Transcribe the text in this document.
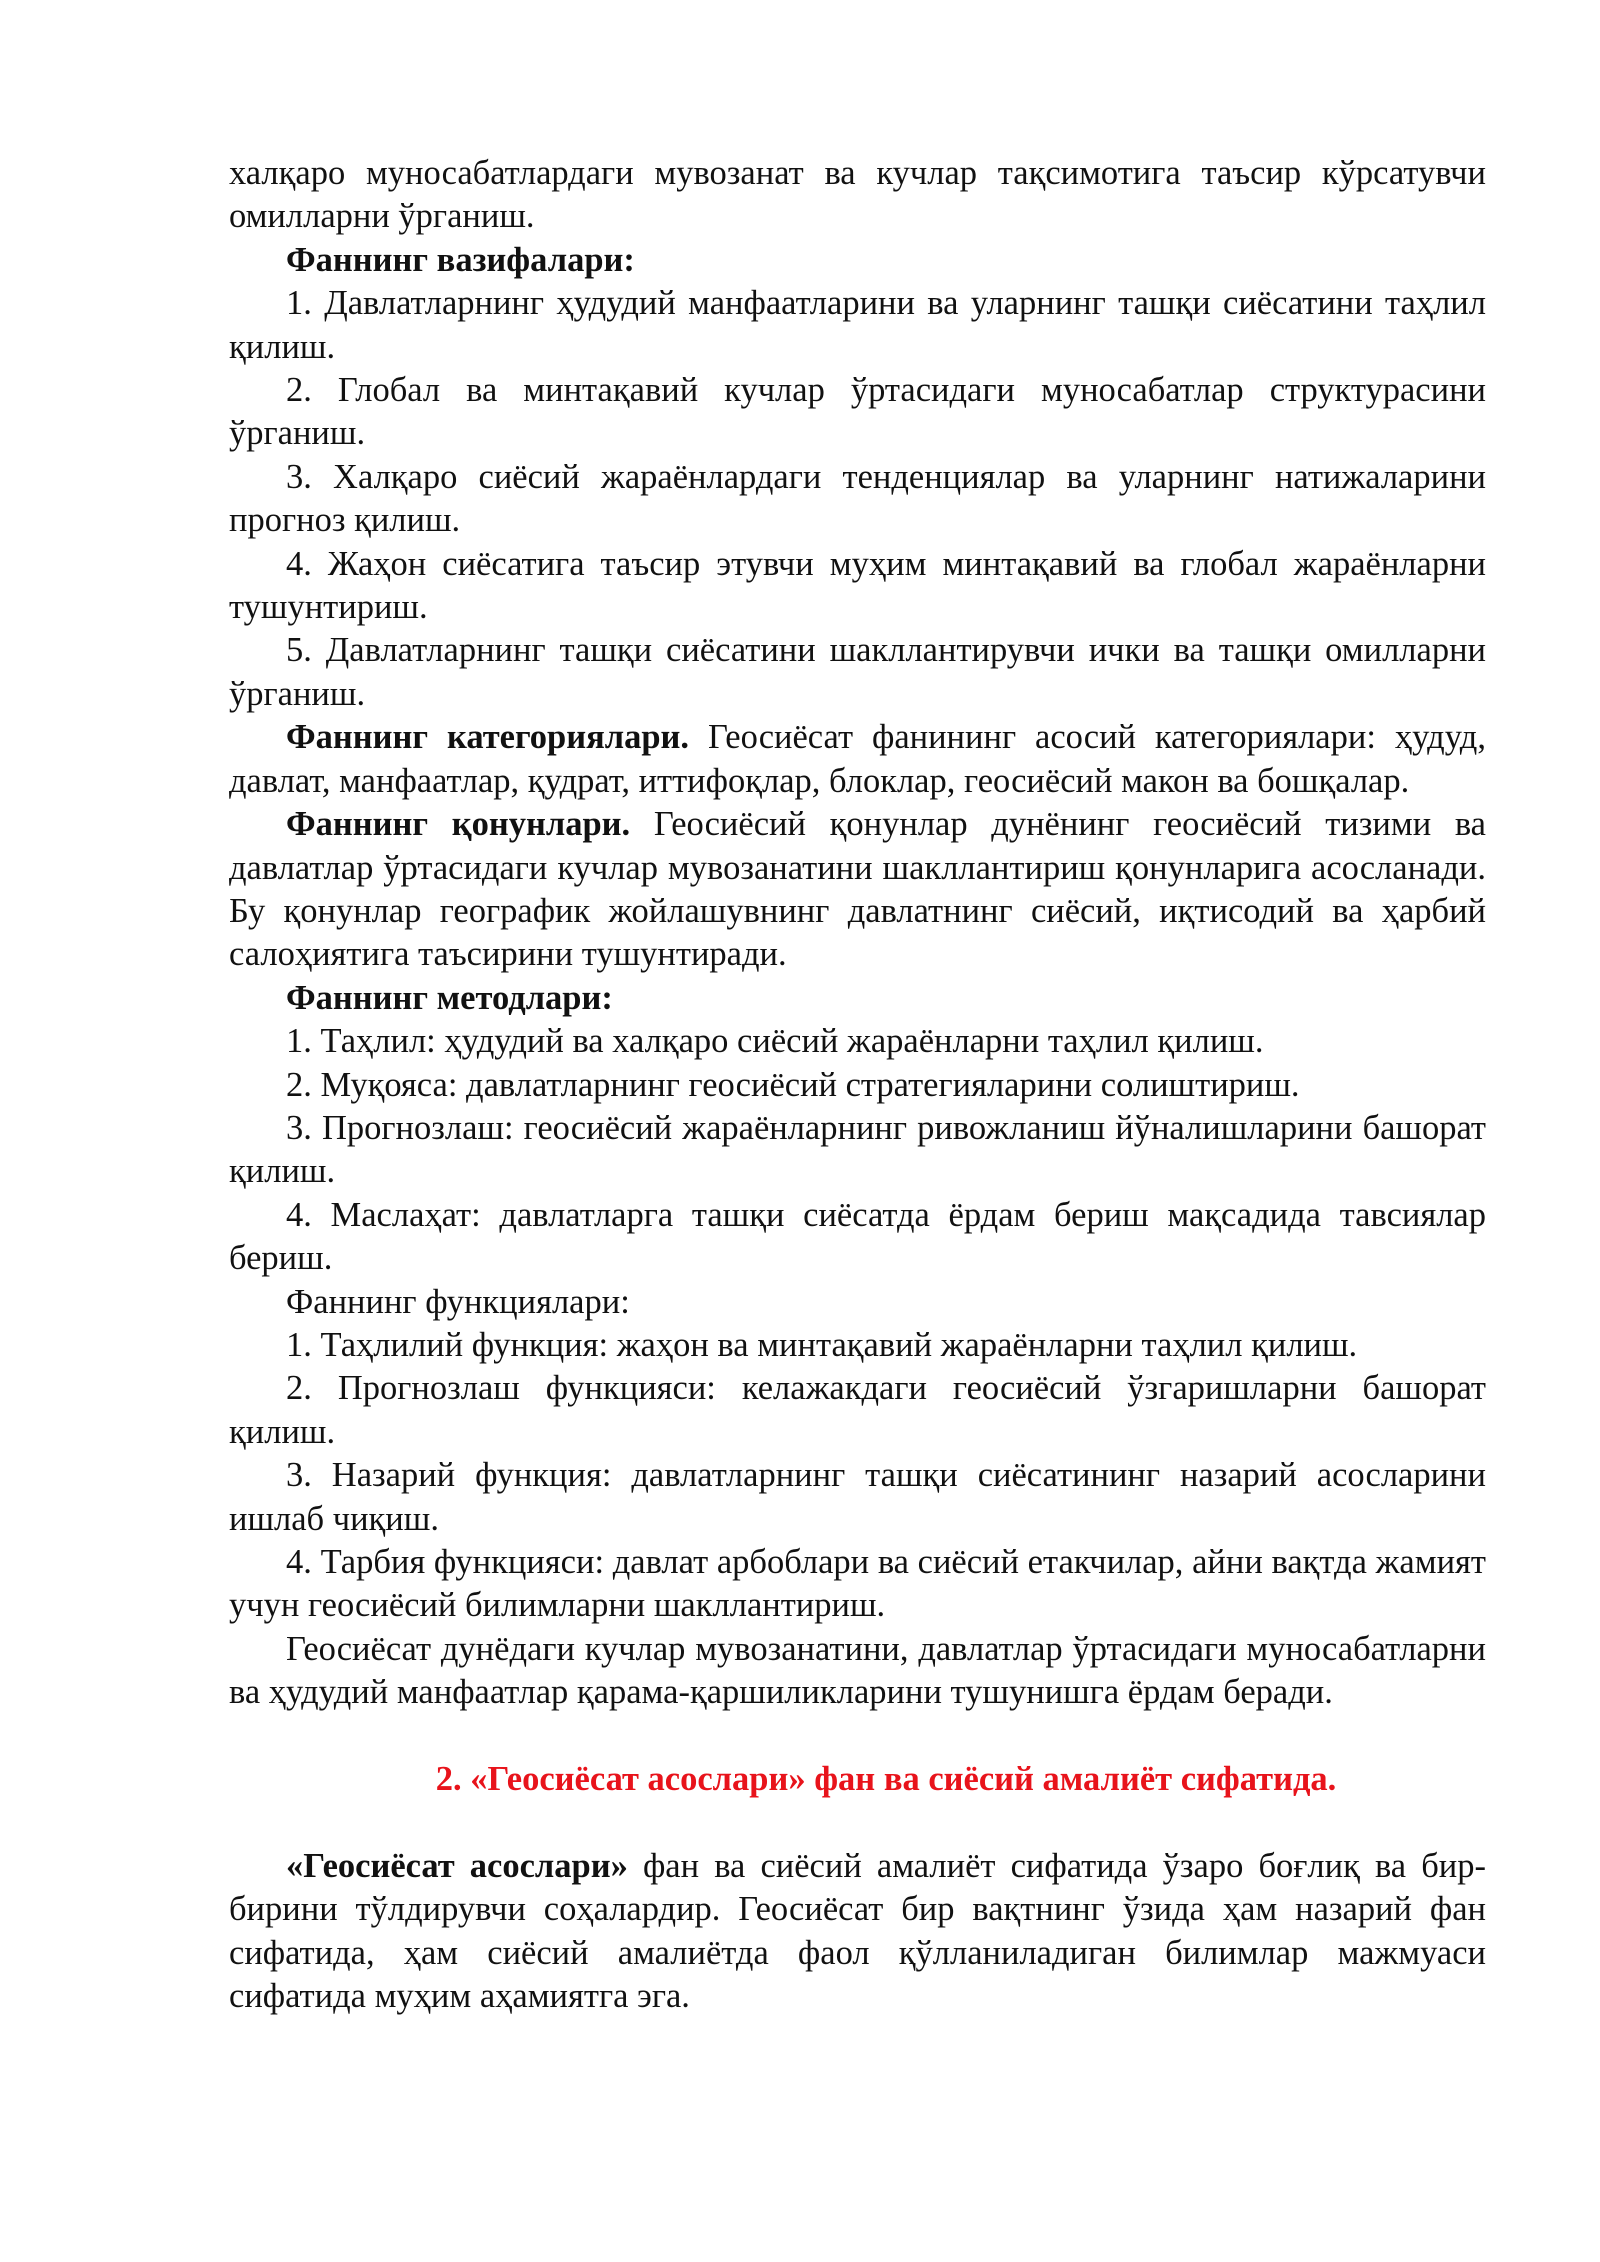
халқаро муносабатлардаги мувозанат ва кучлар тақсимотига таъсир кўрсатувчи омилларни ўрганиш.

Фаннинг вазифалари:

1. Давлатларнинг ҳудудий манфаатларини ва уларнинг ташқи сиёсатини таҳлил қилиш.

2. Глобал ва минтақавий кучлар ўртасидаги муносабатлар структурасини ўрганиш.

3. Халқаро сиёсий жараёнлардаги тенденциялар ва уларнинг натижаларини прогноз қилиш.

4. Жаҳон сиёсатига таъсир этувчи муҳим минтақавий ва глобал жараёнларни тушунтириш.

5. Давлатларнинг ташқи сиёсатини шакллантирувчи ички ва ташқи омилларни ўрганиш.

Фаннинг категориялари. Геосиёсат фанининг асосий категориялари: ҳудуд, давлат, манфаатлар, қудрат, иттифоқлар, блоклар, геосиёсий макон ва бошқалар.

Фаннинг қонунлари. Геосиёсий қонунлар дунёнинг геосиёсий тизими ва давлатлар ўртасидаги кучлар мувозанатини шакллантириш қонунларига асосланади. Бу қонунлар географик жойлашувнинг давлатнинг сиёсий, иқтисодий ва ҳарбий салоҳиятига таъсирини тушунтиради.

Фаннинг методлари:

1. Таҳлил: ҳудудий ва халқаро сиёсий жараёнларни таҳлил қилиш.

2. Муқояса: давлатларнинг геосиёсий стратегияларини солиштириш.

3. Прогнозлаш: геосиёсий жараёнларнинг ривожланиш йўналишларини башорат қилиш.

4. Маслаҳат: давлатларга ташқи сиёсатда ёрдам бериш мақсадида тавсиялар бериш.

Фаннинг функциялари:

1. Таҳлилий функция: жаҳон ва минтақавий жараёнларни таҳлил қилиш.

2. Прогнозлаш функцияси: келажакдаги геосиёсий ўзгаришларни башорат қилиш.

3. Назарий функция: давлатларнинг ташқи сиёсатининг назарий асосларини ишлаб чиқиш.

4. Тарбия функцияси: давлат арбоблари ва сиёсий етакчилар, айни вақтда жамият учун геосиёсий билимларни шакллантириш.

Геосиёсат дунёдаги кучлар мувозанатини, давлатлар ўртасидаги муносабатларни ва ҳудудий манфаатлар қарама-қаршиликларини тушунишга ёрдам беради.

2. «Геосиёсат асослари» фан ва сиёсий амалиёт сифатида.

«Геосиёсат асослари» фан ва сиёсий амалиёт сифатида ўзаро боғлиқ ва бир-бирини тўлдирувчи соҳалардир. Геосиёсат бир вақтнинг ўзида ҳам назарий фан сифатида, ҳам сиёсий амалиётда фаол қўлланиладиган билимлар мажмуаси сифатида муҳим аҳамиятга эга.
